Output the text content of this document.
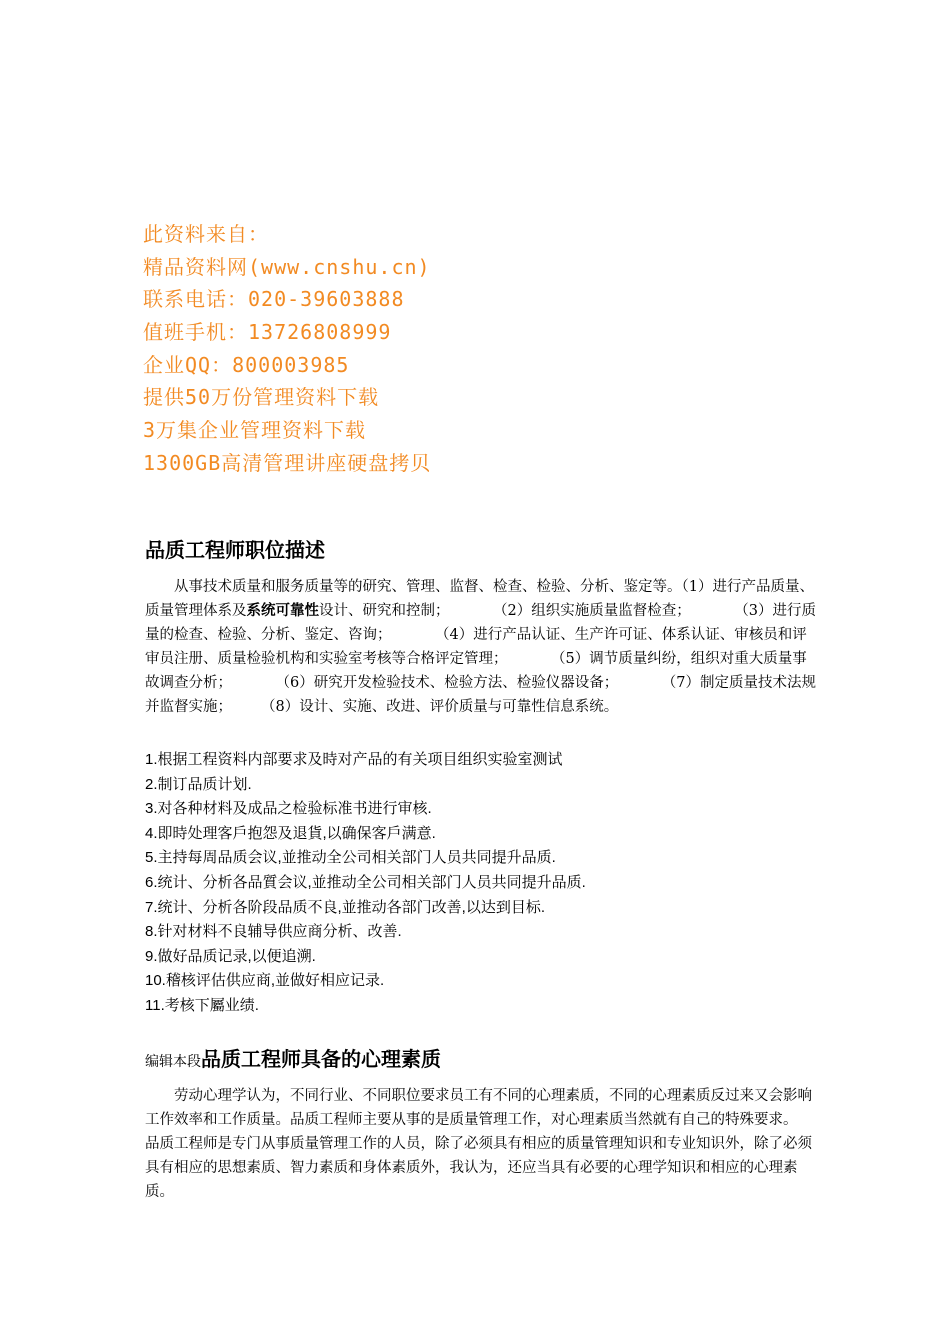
此资料来自：
精品资料网(www.cnshu.cn)
联系电话：020-39603888
值班手机：13726808999
企业QQ：800003985
提供50万份管理资料下载
3万集企业管理资料下载
1300GB高清管理讲座硬盘拷贝
品质工程师职位描述

从事技术质量和服务质量等的研究、管理、监督、检查、检验、分析、鉴定等。（1）进行产品质量、质量管理体系及系统可靠性设计、研究和控制；　　　　（2）组织实施质量监督检查；　　　　（3）进行质量的检查、检验、分析、鉴定、咨询；　　　　（4）进行产品认证、生产许可证、体系认证、审核员和评审员注册、质量检验机构和实验室考核等合格评定管理；　　　　（5）调节质量纠纷，组织对重大质量事故调查分析；　　　　（6）研究开发检验技术、检验方法、检验仪器设备；　　　　（7）制定质量技术法规并监督实施；　　　（8）设计、实施、改进、评价质量与可靠性信息系统。

1.根据工程资料内部要求及時对产品的有关项目组织实验室测试
2.制订品质计划.
3.对各种材料及成品之检验标准书进行审核.
4.即時处理客戶抱怨及退貨,以确保客戶满意.
5.主持每周品质会议,並推动全公司相关部门人员共同提升品质.
6.统计、分析各品質会议,並推动全公司相关部门人员共同提升品质.
7.统计、分析各阶段品质不良,並推动各部门改善,以达到目标.
8.针对材料不良辅导供应商分析、改善.
9.做好品质记录,以便追溯.
10.稽核评估供应商,並做好相应记录.
11.考核下屬业绩.
编辑本段品质工程师具备的心理素质

劳动心理学认为，不同行业、不同职位要求员工有不同的心理素质，不同的心理素质反过来又会影响工作效率和工作质量。品质工程师主要从事的是质量管理工作，对心理素质当然就有自己的特殊要求。　　　　品质工程师是专门从事质量管理工作的人员，除了必须具有相应的质量管理知识和专业知识外，除了必须具有相应的思想素质、智力素质和身体素质外，我认为，还应当具有必要的心理学知识和相应的心理素质。
